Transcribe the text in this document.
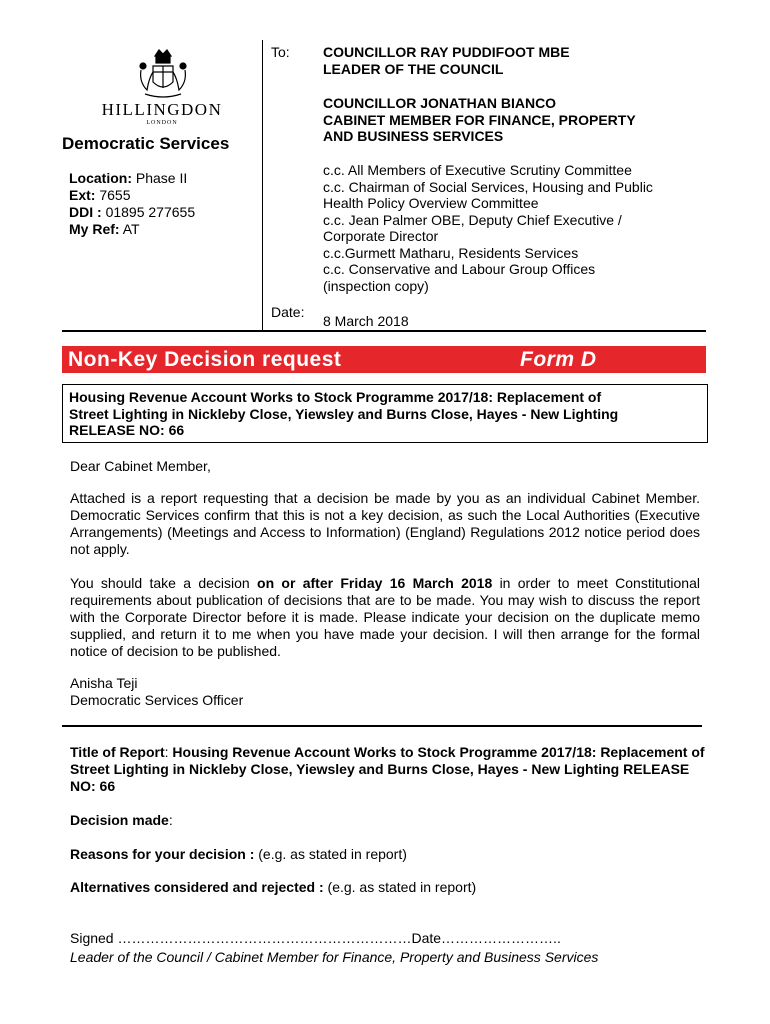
HILLINGDON
LONDON
Democratic Services
Location: Phase II
Ext: 7655
DDI : 01895 277655
My Ref: AT
To: COUNCILLOR RAY PUDDIFOOT MBE
LEADER OF THE COUNCIL
COUNCILLOR JONATHAN BIANCO
CABINET MEMBER FOR FINANCE, PROPERTY
AND BUSINESS SERVICES
c.c. All Members of Executive Scrutiny Committee
c.c. Chairman of Social Services, Housing and Public
Health Policy Overview Committee
c.c. Jean Palmer OBE, Deputy Chief Executive /
Corporate Director
c.c.Gurmett Matharu, Residents Services
c.c. Conservative and Labour Group Offices
(inspection copy)
Date:
8 March 2018
Non-Key Decision request	Form D
Housing Revenue Account Works to Stock Programme 2017/18: Replacement of
Street Lighting in Nickleby Close, Yiewsley and Burns Close, Hayes - New Lighting
RELEASE NO: 66
Dear Cabinet Member,
Attached is a report requesting that a decision be made by you as an individual Cabinet Member. Democratic Services confirm that this is not a key decision, as such the Local Authorities (Executive Arrangements) (Meetings and Access to Information) (England) Regulations 2012 notice period does not apply.
You should take a decision on or after Friday 16 March 2018 in order to meet Constitutional requirements about publication of decisions that are to be made. You may wish to discuss the report with the Corporate Director before it is made. Please indicate your decision on the duplicate memo supplied, and return it to me when you have made your decision. I will then arrange for the formal notice of decision to be published.
Anisha Teji
Democratic Services Officer
Title of Report: Housing Revenue Account Works to Stock Programme 2017/18: Replacement of Street Lighting in Nickleby Close, Yiewsley and Burns Close, Hayes - New Lighting RELEASE NO: 66
Decision made:
Reasons for your decision : (e.g. as stated in report)
Alternatives considered and rejected : (e.g. as stated in report)
Signed ………………………………………………………Date……………………..
Leader of the Council / Cabinet Member for Finance, Property and Business Services
